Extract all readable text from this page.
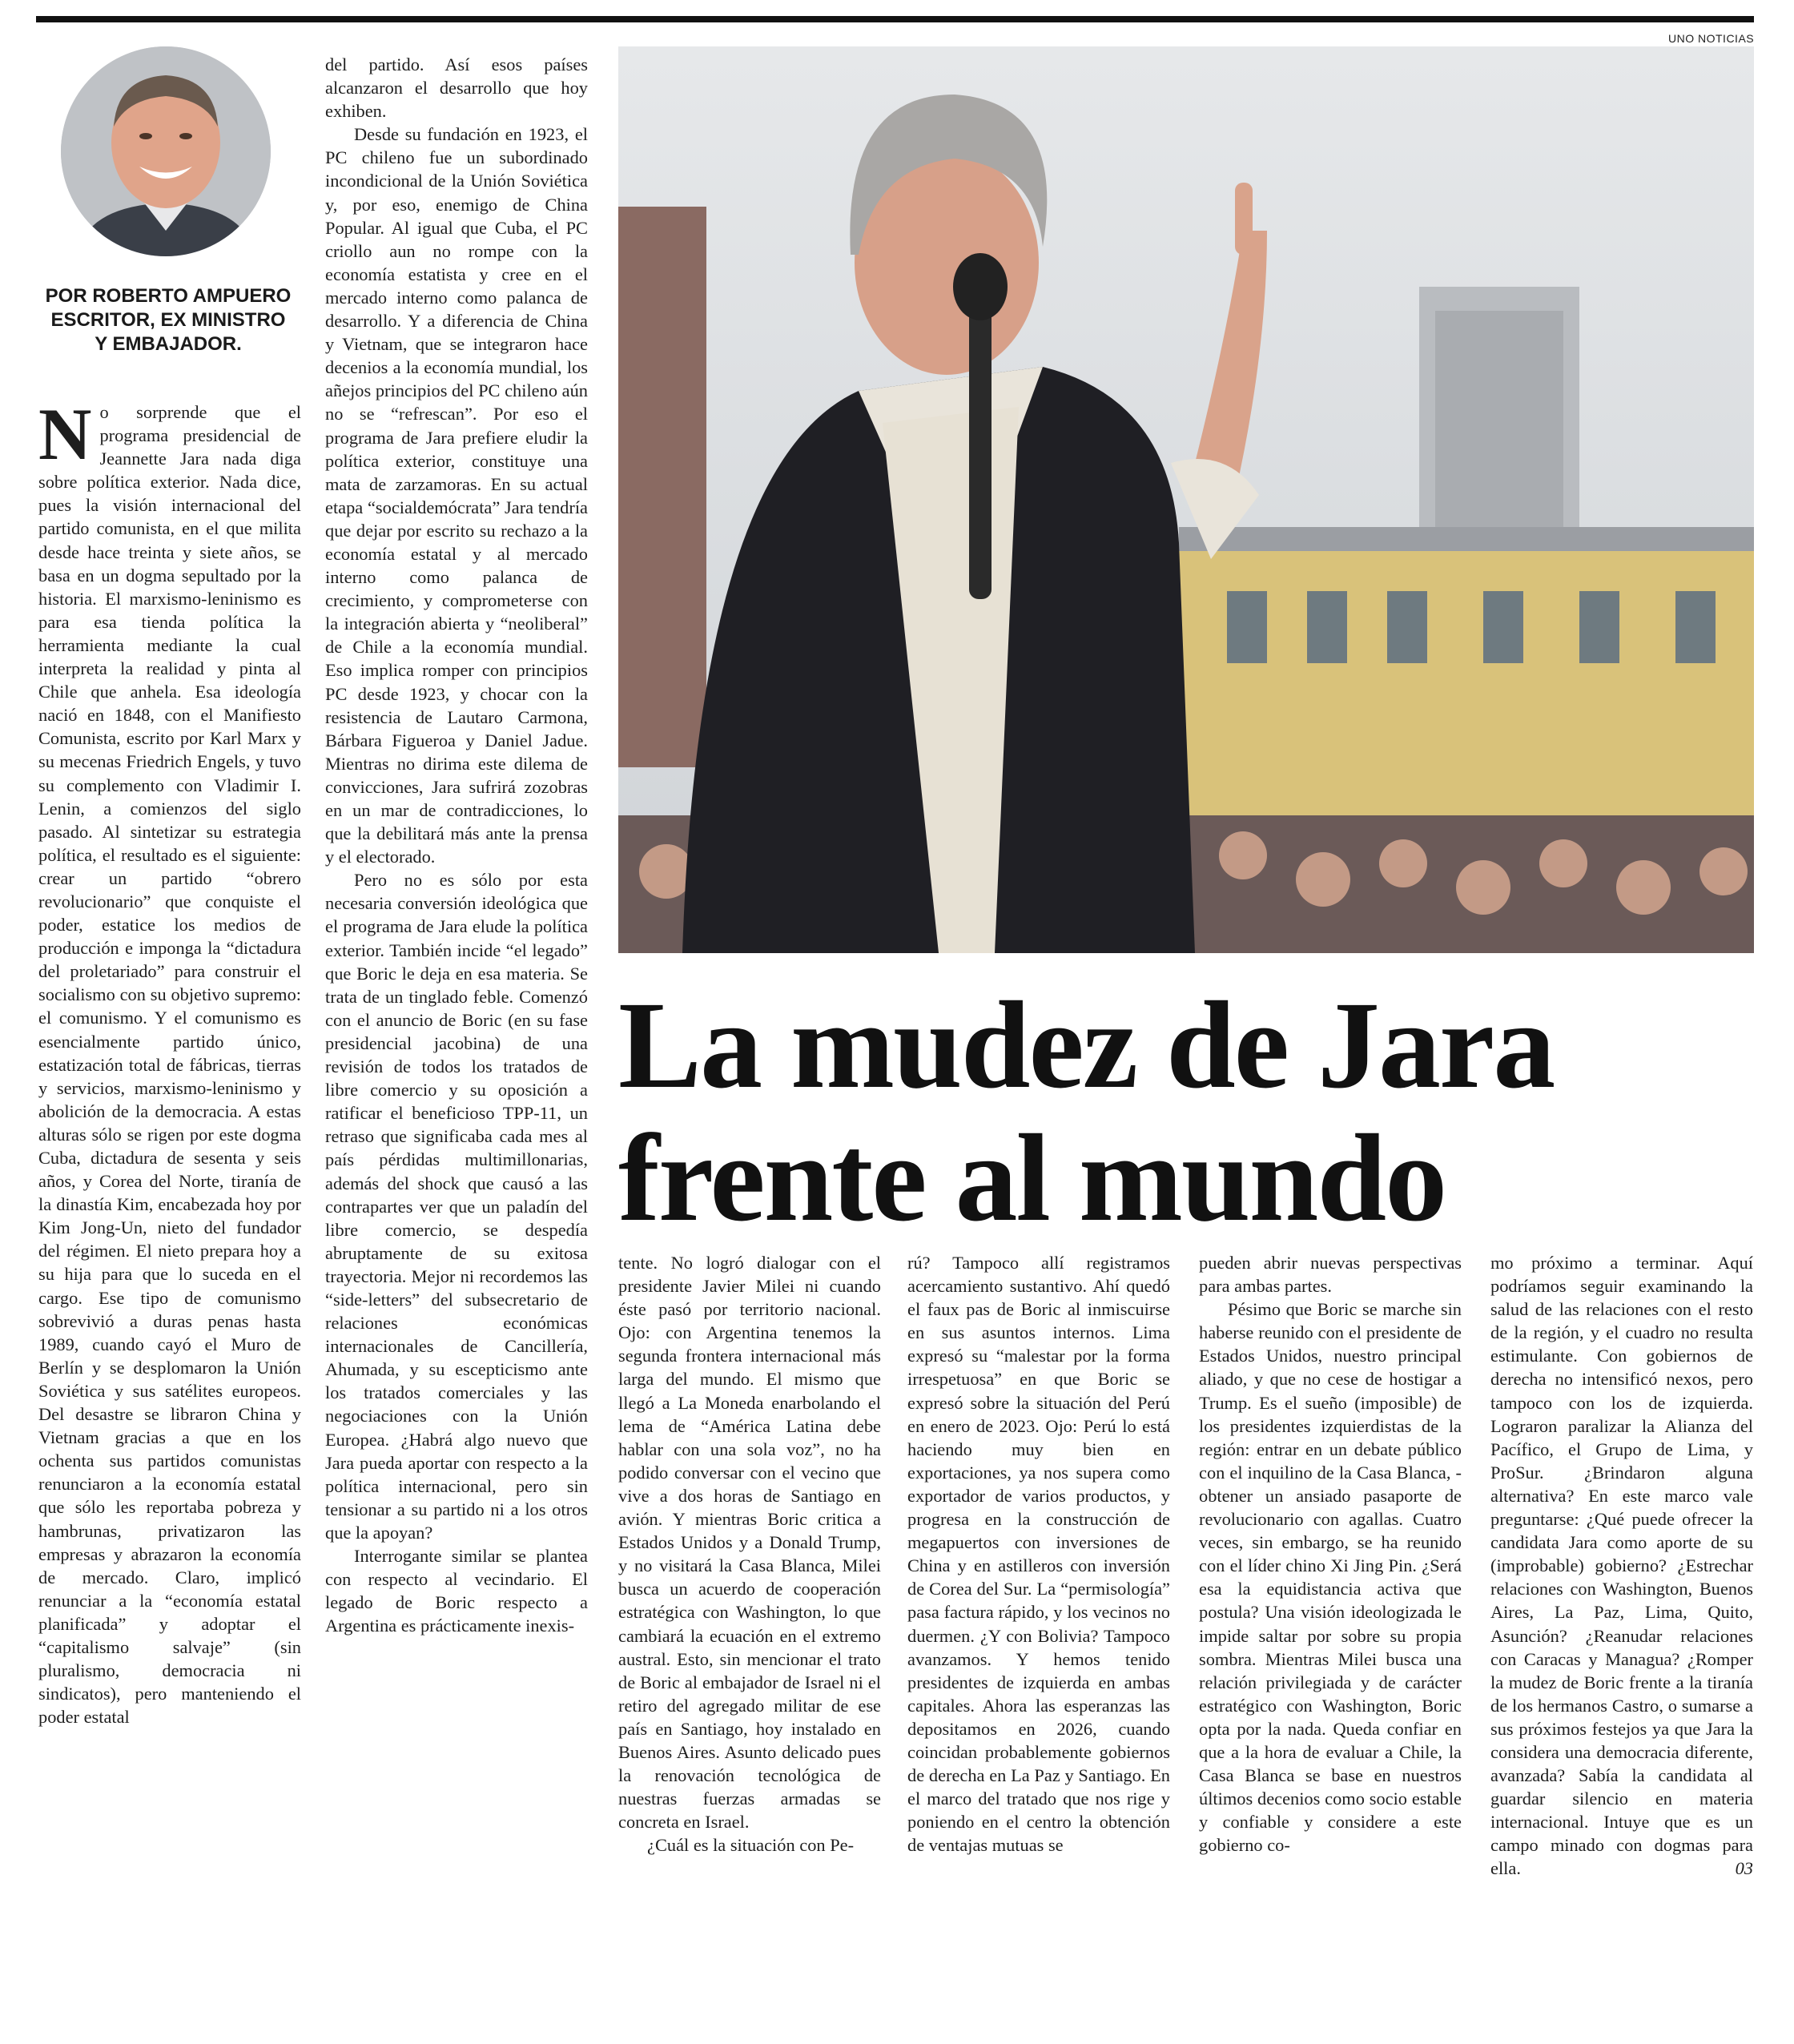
UNO NOTICIAS
POR ROBERTO AMPUERO
ESCRITOR, EX MINISTRO
Y EMBAJADOR.

No sorprende que el programa presidencial de Jeannette Jara nada diga sobre política exterior. Nada dice, pues la visión internacional del partido comunista, en el que milita desde hace treinta y siete años, se basa en un dogma sepultado por la historia. El marxismo-leninismo es para esa tienda política la herramienta mediante la cual interpreta la realidad y pinta al Chile que anhela. Esa ideología nació en 1848, con el Manifiesto Comunista, escrito por Karl Marx y su mecenas Friedrich Engels, y tuvo su complemento con Vladimir I. Lenin, a comienzos del siglo pasado. Al sintetizar su estrategia política, el resultado es el siguiente: crear un partido “obrero revolucionario” que conquiste el poder, estatice los medios de producción e imponga la “dictadura del proletariado” para construir el socialismo con su objetivo supremo: el comunismo. Y el comunismo es esencialmente partido único, estatización total de fábricas, tierras y servicios, marxismo-leninismo y abolición de la democracia. A estas alturas sólo se rigen por este dogma Cuba, dictadura de sesenta y seis años, y Corea del Norte, tiranía de la dinastía Kim, encabezada hoy por Kim Jong-Un, nieto del fundador del régimen. El nieto prepara hoy a su hija para que lo suceda en el cargo. Ese tipo de comunismo sobrevivió a duras penas hasta 1989, cuando cayó el Muro de Berlín y se desplomaron la Unión Soviética y sus satélites europeos. Del desastre se libraron China y Vietnam gracias a que en los ochenta sus partidos comunistas renunciaron a la economía estatal que sólo les reportaba pobreza y hambrunas, privatizaron las empresas y abrazaron la economía de mercado. Claro, implicó renunciar a la “economía estatal planificada” y adoptar el “capitalismo salvaje” (sin pluralismo, democracia ni sindicatos), pero manteniendo el poder estatal

del partido. Así esos países alcanzaron el desarrollo que hoy exhiben.

Desde su fundación en 1923, el PC chileno fue un subordinado incondicional de la Unión Soviética y, por eso, enemigo de China Popular. Al igual que Cuba, el PC criollo aun no rompe con la economía estatista y cree en el mercado interno como palanca de desarrollo. Y a diferencia de China y Vietnam, que se integraron hace decenios a la economía mundial, los añejos principios del PC chileno aún no se “refrescan”. Por eso el programa de Jara prefiere eludir la política exterior, constituye una mata de zarzamoras. En su actual etapa “socialdemócrata” Jara tendría que dejar por escrito su rechazo a la economía estatal y al mercado interno como palanca de crecimiento, y comprometerse con la integración abierta y “neoliberal” de Chile a la economía mundial. Eso implica romper con principios PC desde 1923, y chocar con la resistencia de Lautaro Carmona, Bárbara Figueroa y Daniel Jadue. Mientras no dirima este dilema de convicciones, Jara sufrirá zozobras en un mar de contradicciones, lo que la debilitará más ante la prensa y el electorado.

Pero no es sólo por esta necesaria conversión ideológica que el programa de Jara elude la política exterior. También incide “el legado” que Boric le deja en esa materia. Se trata de un tinglado feble. Comenzó con el anuncio de Boric (en su fase presidencial jacobina) de una revisión de todos los tratados de libre comercio y su oposición a ratificar el beneficioso TPP-11, un retraso que significaba cada mes al país pérdidas multimillonarias, además del shock que causó a las contrapartes ver que un paladín del libre comercio, se despedía abruptamente de su exitosa trayectoria. Mejor ni recordemos las “side-letters” del subsecretario de relaciones económicas internacionales de Cancillería, Ahumada, y su escepticismo ante los tratados comerciales y las negociaciones con la Unión Europea. ¿Habrá algo nuevo que Jara pueda aportar con respecto a la política internacional, pero sin tensionar a su partido ni a los otros que la apoyan?

Interrogante similar se plantea con respecto al vecindario. El legado de Boric respecto a Argentina es prácticamente inexis-

La mudez de Jara
frente al mundo

tente. No logró dialogar con el presidente Javier Milei ni cuando éste pasó por territorio nacional. Ojo: con Argentina tenemos la segunda frontera internacional más larga del mundo. El mismo que llegó a La Moneda enarbolando el lema de “América Latina debe hablar con una sola voz”, no ha podido conversar con el vecino que vive a dos horas de Santiago en avión. Y mientras Boric critica a Estados Unidos y a Donald Trump, y no visitará la Casa Blanca, Milei busca un acuerdo de cooperación estratégica con Washington, lo que cambiará la ecuación en el extremo austral. Esto, sin mencionar el trato de Boric al embajador de Israel ni el retiro del agregado militar de ese país en Santiago, hoy instalado en Buenos Aires. Asunto delicado pues la renovación tecnológica de nuestras fuerzas armadas se concreta en Israel.

¿Cuál es la situación con Pe-

rú? Tampoco allí registramos acercamiento sustantivo. Ahí quedó el faux pas de Boric al inmiscuirse en sus asuntos internos. Lima expresó su “malestar por la forma irrespetuosa” en que Boric se expresó sobre la situación del Perú en enero de 2023. Ojo: Perú lo está haciendo muy bien en exportaciones, ya nos supera como exportador de varios productos, y progresa en la construcción de megapuertos con inversiones de China y en astilleros con inversión de Corea del Sur. La “permisología” pasa factura rápido, y los vecinos no duermen. ¿Y con Bolivia? Tampoco avanzamos. Y hemos tenido presidentes de izquierda en ambas capitales. Ahora las esperanzas las depositamos en 2026, cuando coincidan probablemente gobiernos de derecha en La Paz y Santiago. En el marco del tratado que nos rige y poniendo en el centro la obtención de ventajas mutuas se

pueden abrir nuevas perspectivas para ambas partes.

Pésimo que Boric se marche sin haberse reunido con el presidente de Estados Unidos, nuestro principal aliado, y que no cese de hostigar a Trump. Es el sueño (imposible) de los presidentes izquierdistas de la región: entrar en un debate público con el inquilino de la Casa Blanca, -obtener un ansiado pasaporte de revolucionario con agallas. Cuatro veces, sin embargo, se ha reunido con el líder chino Xi Jing Pin. ¿Será esa la equidistancia activa que postula? Una visión ideologizada le impide saltar por sobre su propia sombra. Mientras Milei busca una relación privilegiada y de carácter estratégico con Washington, Boric opta por la nada. Queda confiar en que a la hora de evaluar a Chile, la Casa Blanca se base en nuestros últimos decenios como socio estable y confiable y considere a este gobierno co-

mo próximo a terminar. Aquí podríamos seguir examinando la salud de las relaciones con el resto de la región, y el cuadro no resulta estimulante. Con gobiernos de derecha no intensificó nexos, pero tampoco con los de izquierda. Lograron paralizar la Alianza del Pacífico, el Grupo de Lima, y ProSur. ¿Brindaron alguna alternativa? En este marco vale preguntarse: ¿Qué puede ofrecer la candidata Jara como aporte de su (improbable) gobierno? ¿Estrechar relaciones con Washington, Buenos Aires, La Paz, Lima, Quito, Asunción? ¿Reanudar relaciones con Caracas y Managua? ¿Romper la mudez de Boric frente a la tiranía de los hermanos Castro, o sumarse a sus próximos festejos ya que Jara la considera una democracia diferente, avanzada? Sabía la candidata al guardar silencio en materia internacional. Intuye que es un campo minado con dogmas para ella.	03
